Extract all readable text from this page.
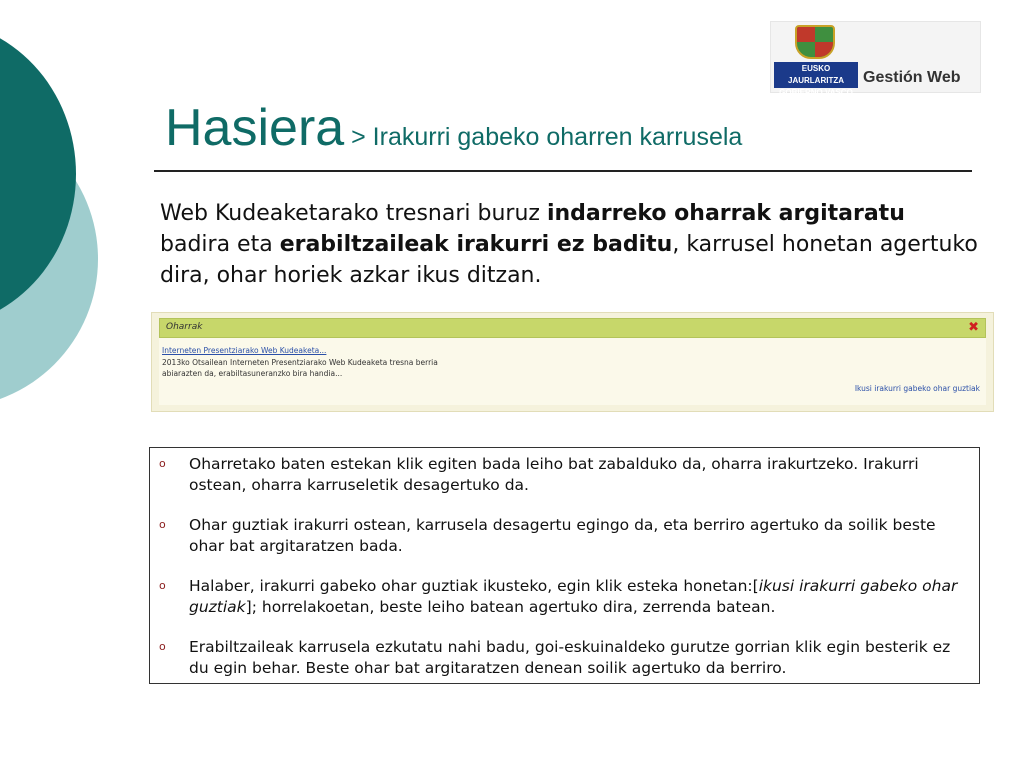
EUSKO JAURLARITZA
GOBIERNO VASCO
Gestión Web
Hasiera > Irakurri gabeko oharren karrusela
Web Kudeaketarako tresnari buruz indarreko oharrak argitaratu badira eta erabiltzaileak irakurri ez baditu, karrusel honetan agertuko dira, ohar horiek azkar ikus ditzan.
Oharrak	✖
Interneten Presentziarako Web Kudeaketa...
2013ko Otsailean Interneten Presentziarako Web Kudeaketa tresna berria abiarazten da, erabiltasuneranzko bira handia...
Ikusi irakurri gabeko ohar guztiak
o Oharretako baten estekan klik egiten bada leiho bat zabalduko da, oharra irakurtzeko. Irakurri ostean, oharra karruseletik desagertuko da.
o Ohar guztiak irakurri ostean, karrusela desagertu egingo da, eta berriro agertuko da soilik beste ohar bat argitaratzen bada.
o Halaber, irakurri gabeko ohar guztiak ikusteko, egin klik esteka honetan:[ikusi irakurri gabeko ohar guztiak]; horrelakoetan, beste leiho batean agertuko dira, zerrenda batean.
o Erabiltzaileak karrusela ezkutatu nahi badu, goi-eskuinaldeko gurutze gorrian klik egin besterik ez du egin behar. Beste ohar bat argitaratzen denean soilik agertuko da berriro.
